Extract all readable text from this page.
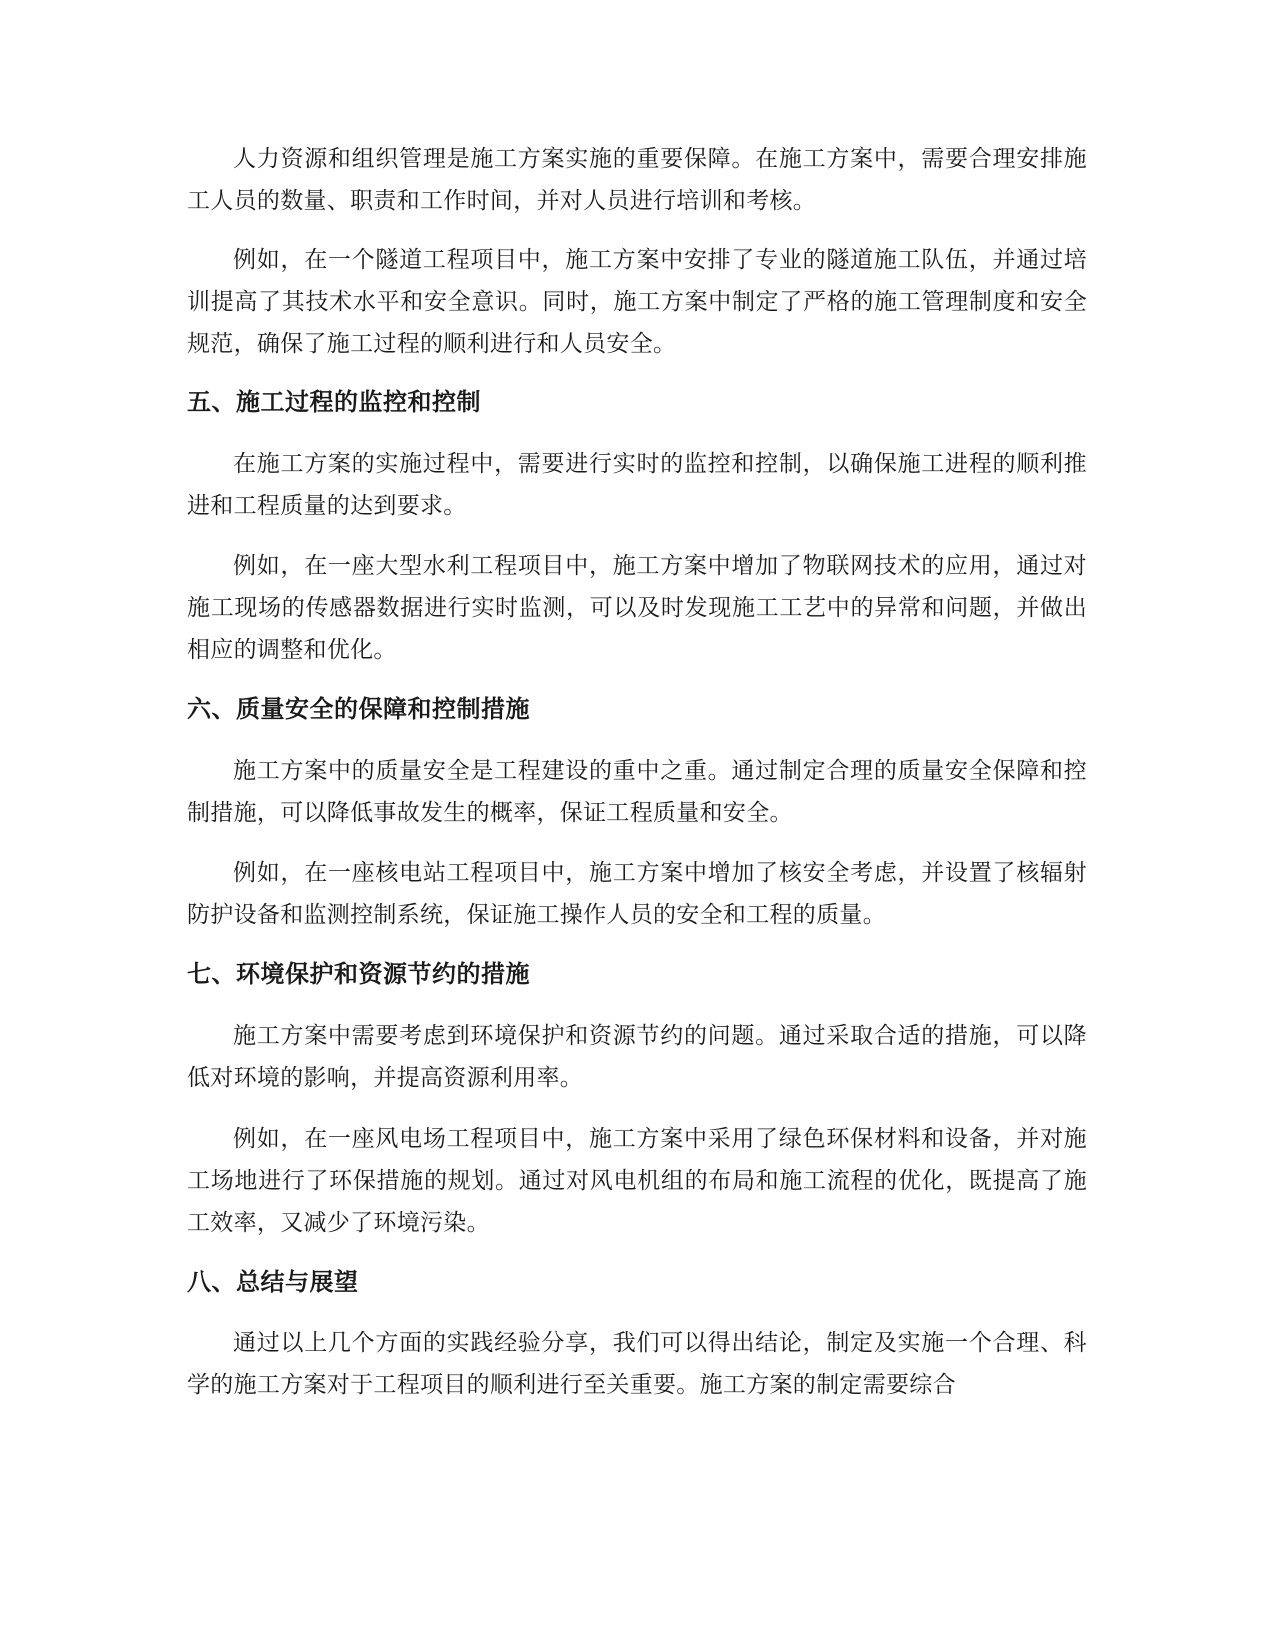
人力资源和组织管理是施工方案实施的重要保障。在施工方案中，需要合理安排施工人员的数量、职责和工作时间，并对人员进行培训和考核。

例如，在一个隧道工程项目中，施工方案中安排了专业的隧道施工队伍，并通过培训提高了其技术水平和安全意识。同时，施工方案中制定了严格的施工管理制度和安全规范，确保了施工过程的顺利进行和人员安全。

五、施工过程的监控和控制

在施工方案的实施过程中，需要进行实时的监控和控制，以确保施工进程的顺利推进和工程质量的达到要求。

例如，在一座大型水利工程项目中，施工方案中增加了物联网技术的应用，通过对施工现场的传感器数据进行实时监测，可以及时发现施工工艺中的异常和问题，并做出相应的调整和优化。

六、质量安全的保障和控制措施

施工方案中的质量安全是工程建设的重中之重。通过制定合理的质量安全保障和控制措施，可以降低事故发生的概率，保证工程质量和安全。

例如，在一座核电站工程项目中，施工方案中增加了核安全考虑，并设置了核辐射防护设备和监测控制系统，保证施工操作人员的安全和工程的质量。

七、环境保护和资源节约的措施

施工方案中需要考虑到环境保护和资源节约的问题。通过采取合适的措施，可以降低对环境的影响，并提高资源利用率。

例如，在一座风电场工程项目中，施工方案中采用了绿色环保材料和设备，并对施工场地进行了环保措施的规划。通过对风电机组的布局和施工流程的优化，既提高了施工效率，又减少了环境污染。

八、总结与展望

通过以上几个方面的实践经验分享，我们可以得出结论，制定及实施一个合理、科学的施工方案对于工程项目的顺利进行至关重要。施工方案的制定需要综合
